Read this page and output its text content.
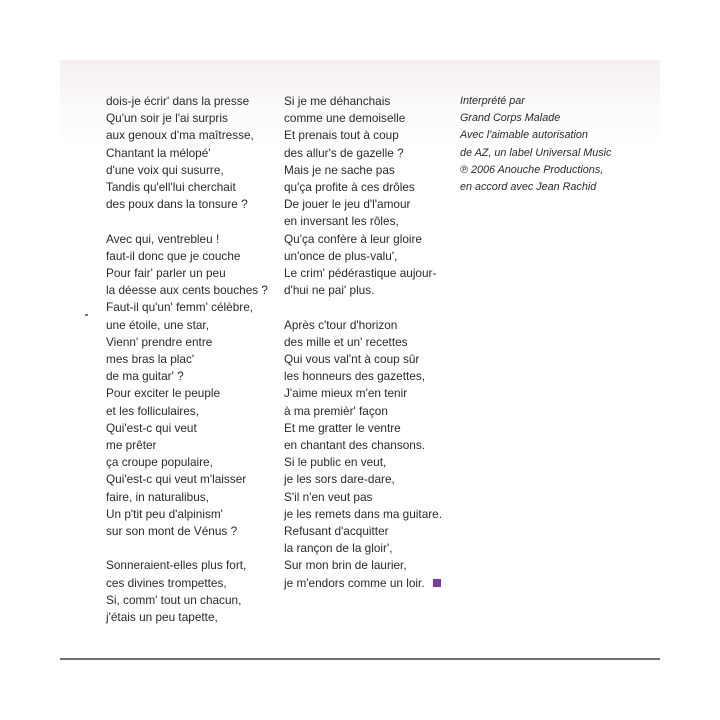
dois-je écrir' dans la presse
Qu'un soir je l'ai surpris
aux genoux d'ma maîtresse,
Chantant la mélopé'
d'une voix qui susurre,
Tandis qu'ell'lui cherchait
des poux dans la tonsure ?
Avec qui, ventrebleu !
faut-il donc que je couche
Pour fair' parler un peu
la déesse aux cents bouches ?
Faut-il qu'un' femm' célèbre,
une étoile, une star,
Vienn' prendre entre
mes bras la plac'
de ma guitar' ?
Pour exciter le peuple
et les folliculaires,
Qui'est-c qui veut
me prêter
ça croupe populaire,
Qui'est-c qui veut m'laisser
faire, in naturalibus,
Un p'tit peu d'alpinism'
sur son mont de Vénus ?
Sonneraient-elles plus fort,
ces divines trompettes,
Si, comm' tout un chacun,
j'étais un peu tapette,
Si je me déhanchais
comme une demoiselle
Et prenais tout à coup
des allur's de gazelle ?
Mais je ne sache pas
qu'ça profite à ces drôles
De jouer le jeu d'l'amour
en inversant les rôles,
Qu'ça confère à leur gloire
un'once de plus-valu',
Le crim' pédérastique aujour-
d'hui ne pai' plus.
Après c'tour d'horizon
des mille et un' recettes
Qui vous val'nt à coup sûr
les honneurs des gazettes,
J'aime mieux m'en tenir
à ma premièr' façon
Et me gratter le ventre
en chantant des chansons.
Si le public en veut,
je les sors dare-dare,
S'il n'en veut pas
je les remets dans ma guitare.
Refusant d'acquitter
la rançon de la gloir',
Sur mon brin de laurier,
je m'endors comme un loir.
Interprété par
Grand Corps Malade
Avec l'aimable autorisation
de AZ, un label Universal Music
℗ 2006 Anouche Productions,
en accord avec Jean Rachid
